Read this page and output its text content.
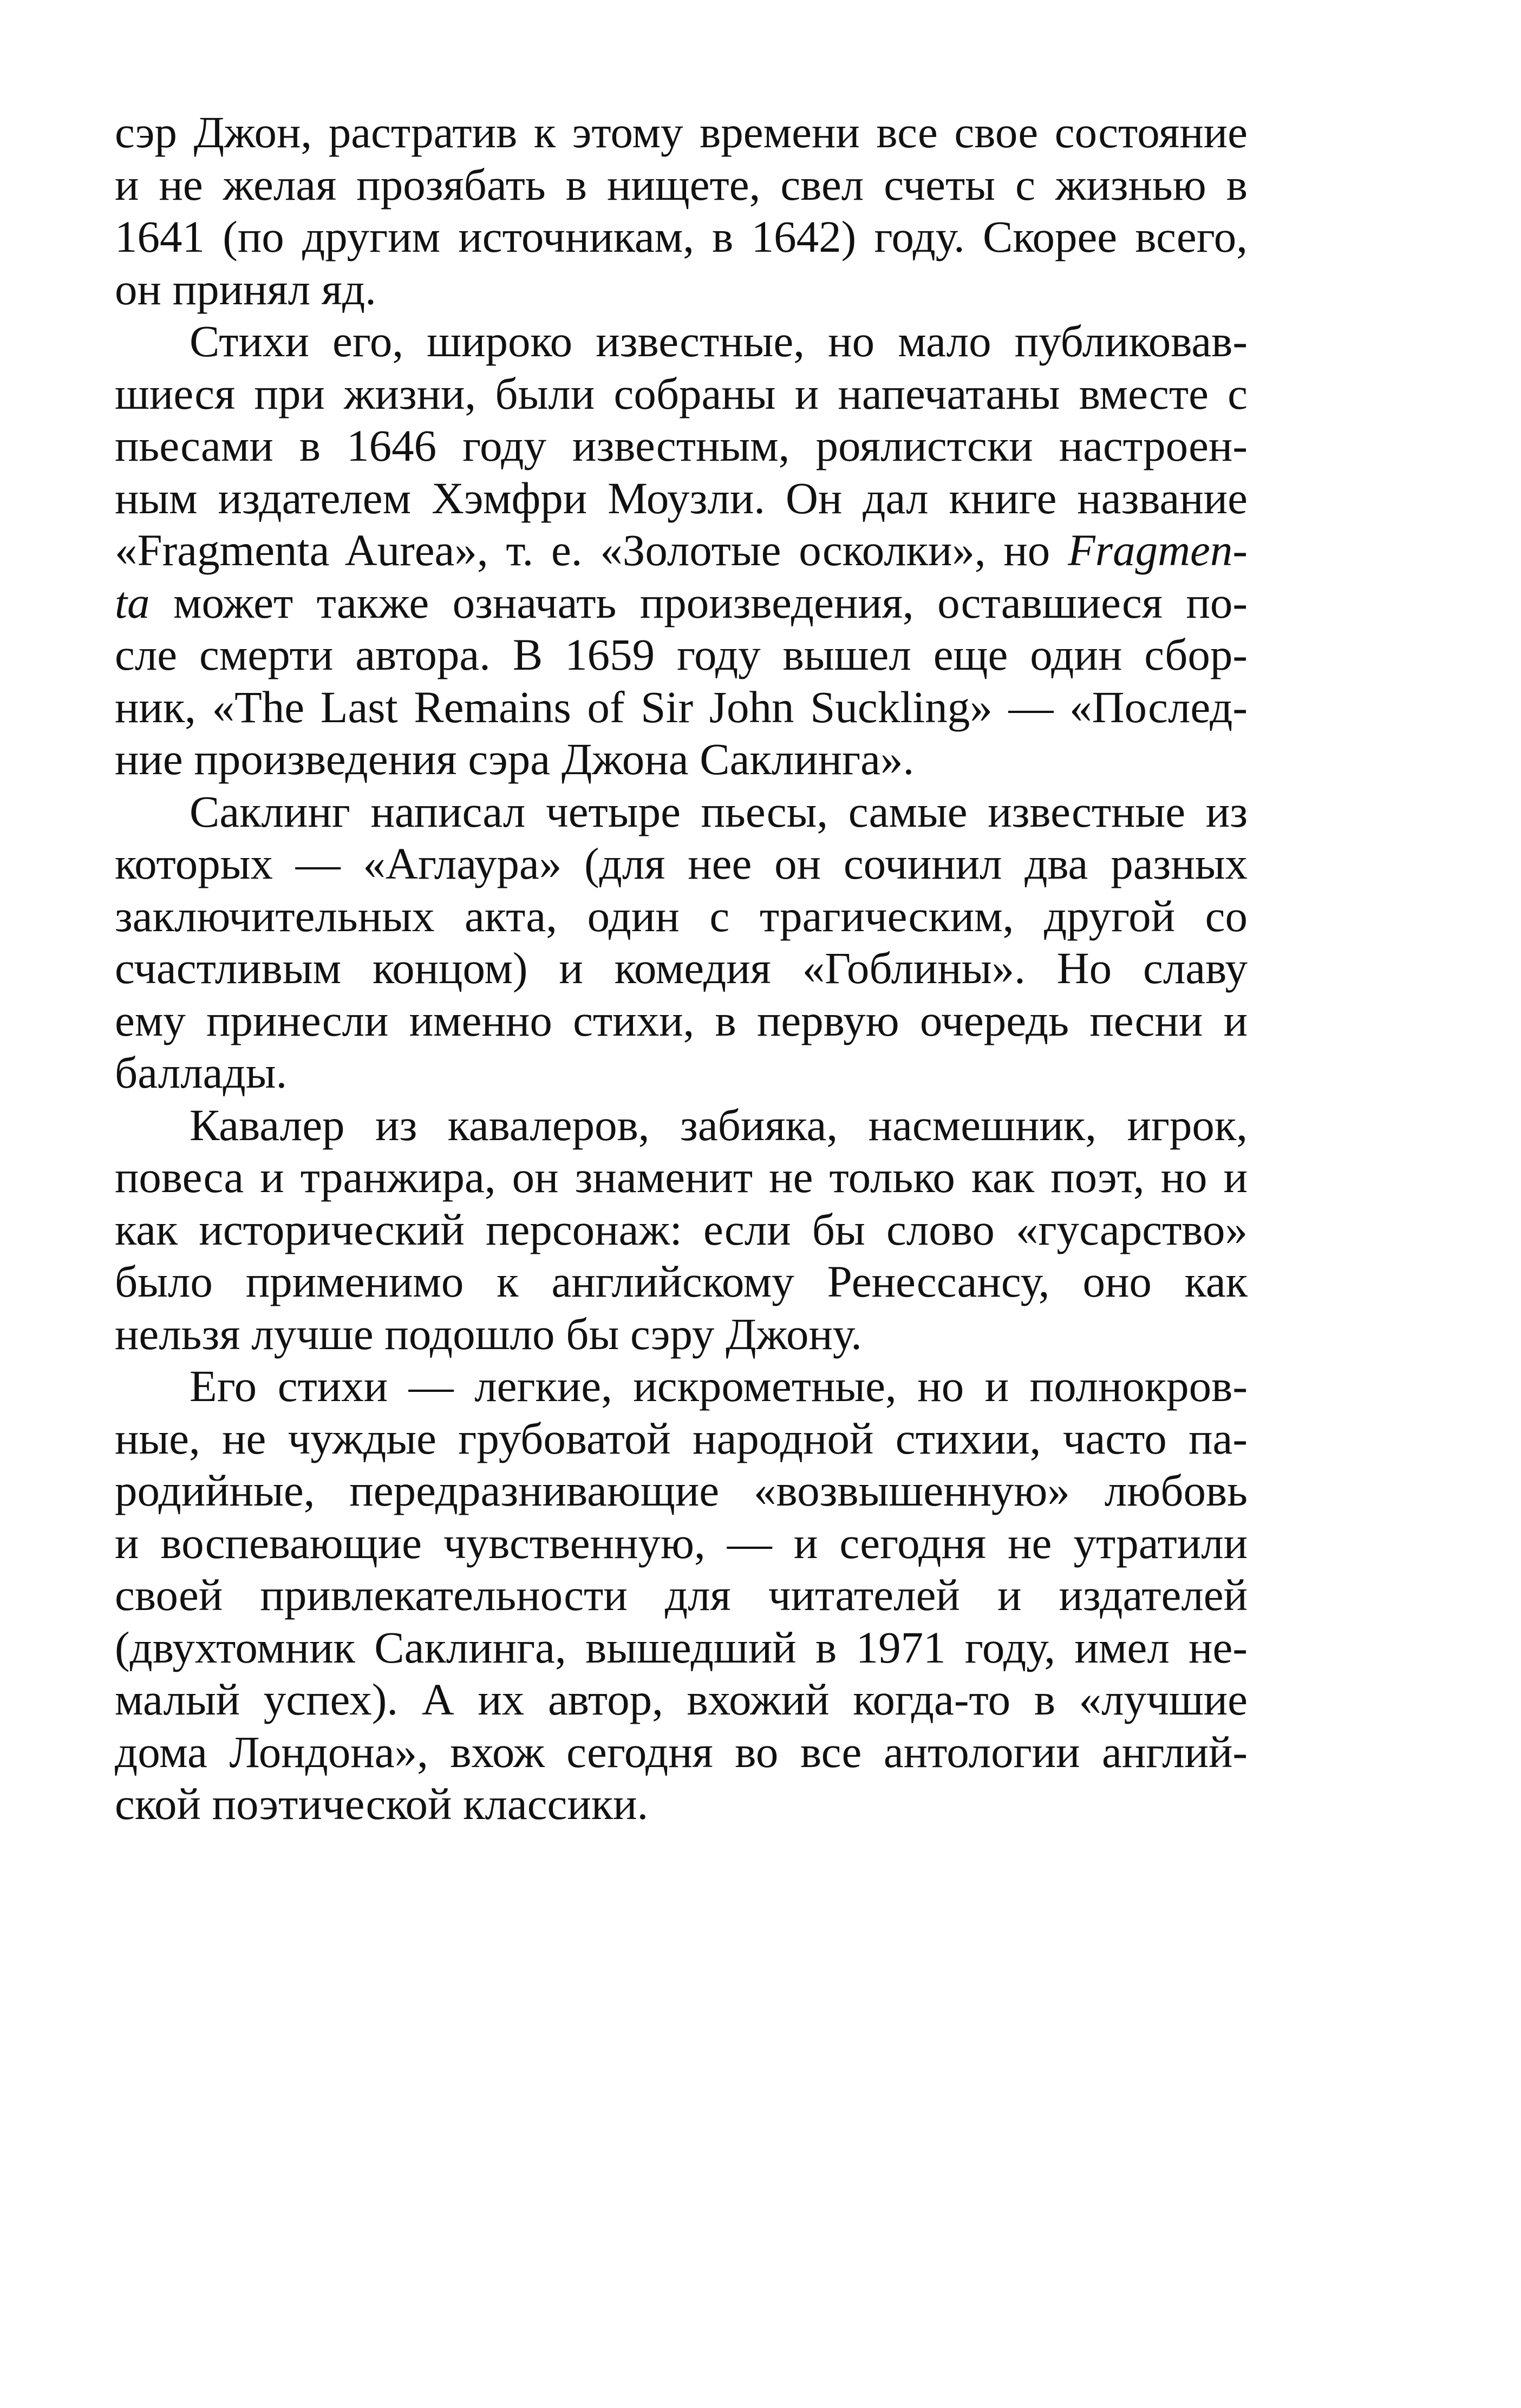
сэр Джон, растратив к этому времени все свое состояние
и не желая прозябать в нищете, свел счеты с жизнью в
1641 (по другим источникам, в 1642) году. Скорее всего,
он принял яд.
Стихи его, широко известные, но мало публиковав-
шиеся при жизни, были собраны и напечатаны вместе с
пьесами в 1646 году известным, роялистски настроен-
ным издателем Хэмфри Моузли. Он дал книге название
«Fragmenta Aurea», т. е. «Золотые осколки», но Fragmen-
ta может также означать произведения, оставшиеся по-
сле смерти автора. В 1659 году вышел еще один сбор-
ник, «The Last Remains of Sir John Suckling» — «Послед-
ние произведения сэра Джона Саклинга».
Саклинг написал четыре пьесы, самые известные из
которых — «Аглаура» (для нее он сочинил два разных
заключительных акта, один с трагическим, другой со
счастливым концом) и комедия «Гоблины». Но славу
ему принесли именно стихи, в первую очередь песни и
баллады.
Кавалер из кавалеров, забияка, насмешник, игрок,
повеса и транжира, он знаменит не только как поэт, но и
как исторический персонаж: если бы слово «гусарство»
было применимо к английскому Ренессансу, оно как
нельзя лучше подошло бы сэру Джону.
Его стихи — легкие, искрометные, но и полнокров-
ные, не чуждые грубоватой народной стихии, часто па-
родийные, передразнивающие «возвышенную» любовь
и воспевающие чувственную, — и сегодня не утратили
своей привлекательности для читателей и издателей
(двухтомник Саклинга, вышедший в 1971 году, имел не-
малый успех). А их автор, вхожий когда-то в «лучшие
дома Лондона», вхож сегодня во все антологии англий-
ской поэтической классики.
